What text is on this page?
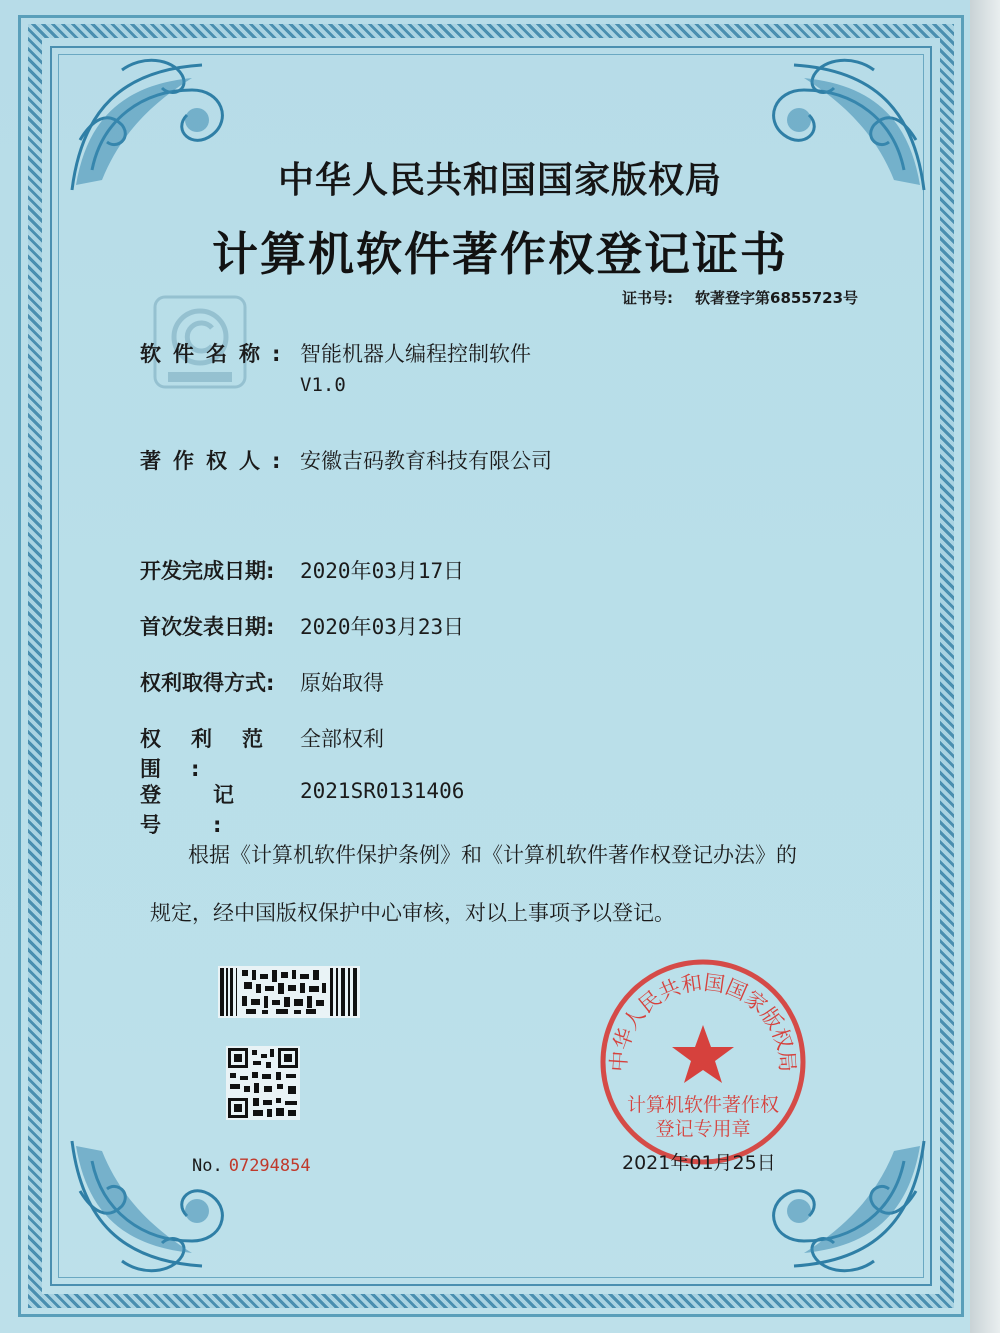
中华人民共和国国家版权局
计算机软件著作权登记证书
证书号: 软著登字第6855723号
软件名称: 智能机器人编程控制软件
V1.0
著作权人: 安徽吉码教育科技有限公司
开发完成日期: 2020年03月17日
首次发表日期: 2020年03月23日
权利取得方式: 原始取得
权利范围:全部权利
登记号:2021SR0131406
根据《计算机软件保护条例》和《计算机软件著作权登记办法》的
规定，经中国版权保护中心审核，对以上事项予以登记。
No. 07294854
中华人民共和国国家版权局
计算机软件著作权
登记专用章
2021年01月25日
